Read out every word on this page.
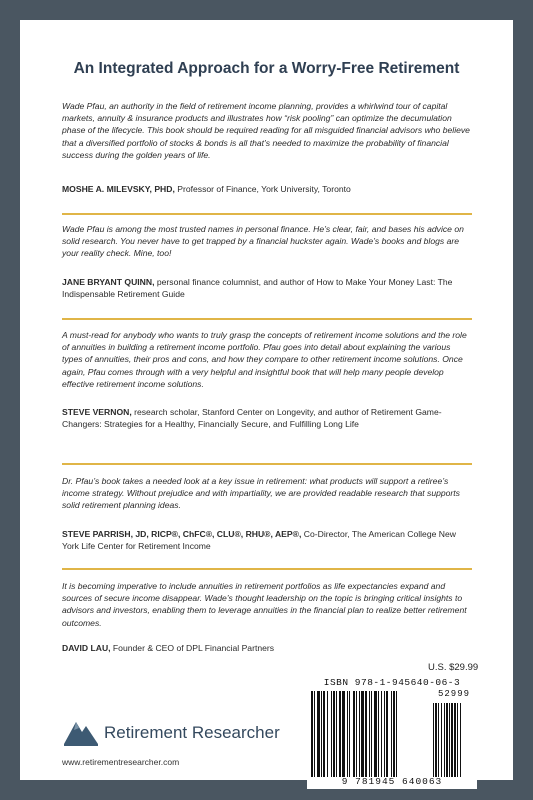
An Integrated Approach for a Worry-Free Retirement
Wade Pfau, an authority in the field of retirement income planning, provides a whirlwind tour of capital markets, annuity & insurance products and illustrates how “risk pooling” can optimize the decumulation phase of the lifecycle. This book should be required reading for all misguided financial advisors who believe that a diversified portfolio of stocks & bonds is all that’s needed to maximize the probability of financial success during the golden years of life.
MOSHE A. MILEVSKY, PHD, Professor of Finance, York University, Toronto
Wade Pfau is among the most trusted names in personal finance. He’s clear, fair, and bases his advice on solid research. You never have to get trapped by a financial huckster again. Wade’s books and blogs are your reality check. Mine, too!
JANE BRYANT QUINN, personal finance columnist, and author of How to Make Your Money Last: The Indispensable Retirement Guide
A must-read for anybody who wants to truly grasp the concepts of retirement income solutions and the role of annuities in building a retirement income portfolio. Pfau goes into detail about explaining the various types of annuities, their pros and cons, and how they compare to other retirement income solutions. Once again, Pfau comes through with a very helpful and insightful book that will help many people develop effective retirement income solutions.
STEVE VERNON, research scholar, Stanford Center on Longevity, and author of Retirement Game-Changers: Strategies for a Healthy, Financially Secure, and Fulfilling Long Life
Dr. Pfau’s book takes a needed look at a key issue in retirement: what products will support a retiree’s income strategy. Without prejudice and with impartiality, we are provided readable research that supports solid retirement planning ideas.
STEVE PARRISH, JD, RICP®, ChFC®, CLU®, RHU®, AEP®, Co-Director, The American College New York Life Center for Retirement Income
It is becoming imperative to include annuities in retirement portfolios as life expectancies expand and sources of secure income disappear. Wade’s thought leadership on the topic is bringing critical insights to advisors and investors, enabling them to leverage annuities in the financial plan to realize better retirement outcomes.
DAVID LAU, Founder & CEO of DPL Financial Partners
Retirement Researcher
www.retirementresearcher.com
U.S. $29.99
ISBN 978-1-945640-06-3
52999
9 781945 640063
